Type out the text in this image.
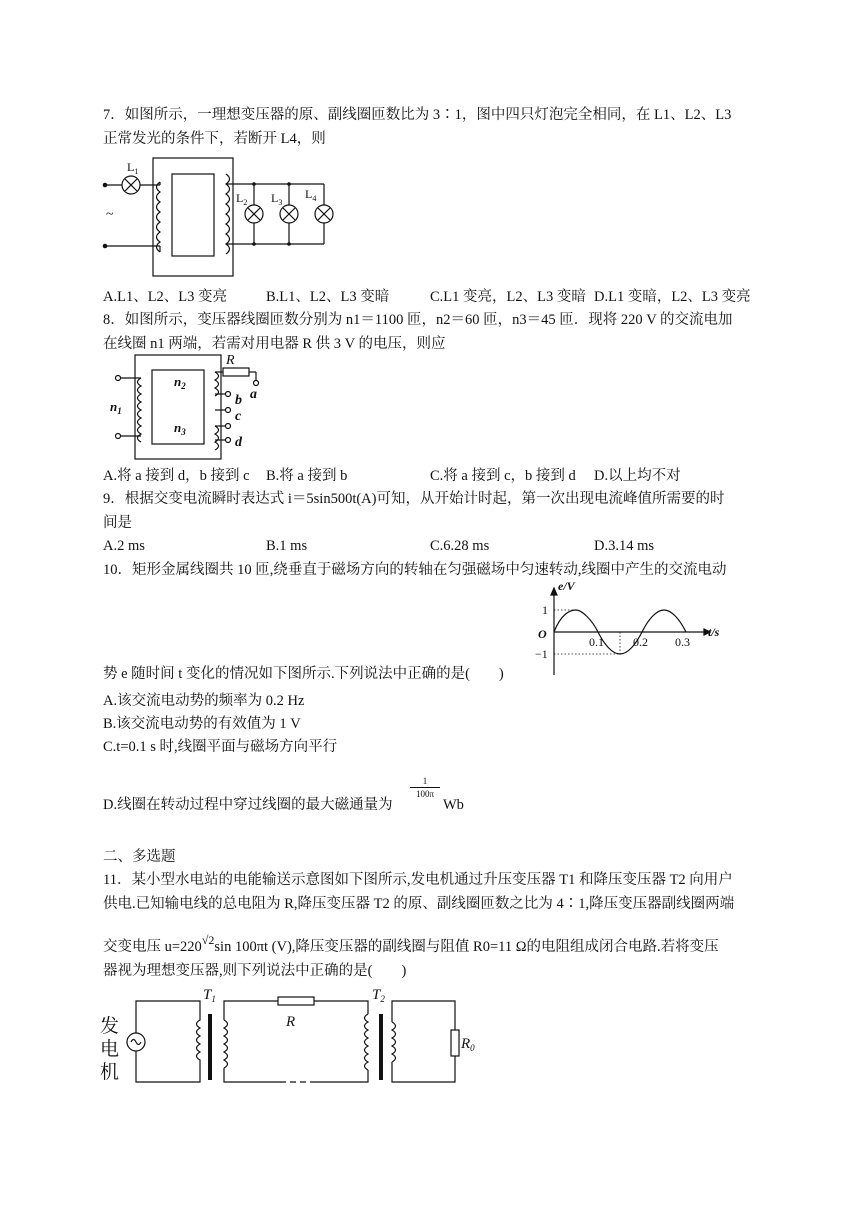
7．如图所示，一理想变压器的原、副线圈匝数比为 3∶1，图中四只灯泡完全相同，在 L1、L2、L3
正常发光的条件下，若断开 L4，则
$L_1$
$L_2$ $L_3$
$L_4$
~
A.L1、L2、L3 变亮	B.L1、L2、L3 变暗	C.L1 变亮，L2、L3 变暗 D.L1 变暗，L2、L3 变亮
8．如图所示，变压器线圈匝数分别为 n1＝1100 匝，n2＝60 匝，n3＝45 匝．现将 220 V 的交流电加
在线圈 n1 两端，若需对用电器 R 供 3 V 的电压，则应
R
a
b
c
d
$n_1$
$n_2$
$n_3$
A.将 a 接到 d，b 接到 c B.将 a 接到 b	C.将 a 接到 c，b 接到 d D.以上均不对
9．根据交变电流瞬时表达式 i＝5sin500t(A)可知，从开始计时起，第一次出现电流峰值所需要的时
间是
A.2 ms	B.1 ms	C.6.28 ms	D.3.14 ms
10．矩形金属线圈共 10 匝,绕垂直于磁场方向的转轴在匀强磁场中匀速转动,线圈中产生的交流电动
e/V
t/s
O
1
−1
0.1 0.2 0.3
势 e 随时间 t 变化的情况如下图所示.下列说法中正确的是(　　)
A.该交流电动势的频率为 0.2 Hz
B.该交流电动势的有效值为 1 V
C.t=0.1 s 时,线圈平面与磁场方向平行
D.线圈在转动过程中穿过线圈的最大磁通量为
1
100π
Wb
二、多选题
11．某小型水电站的电能输送示意图如下图所示,发电机通过升压变压器 T1 和降压变压器 T2 向用户
供电.已知输电线的总电阻为 R,降压变压器 T2 的原、副线圈匝数之比为 4∶1,降压变压器副线圈两端
交变电压 $u=220^{√2}\sin$ 100πt (V),降压变压器的副线圈与阻值 R0=11 Ω的电阻组成闭合电路.若将变压
器视为理想变压器,则下列说法中正确的是(　　)
发
电
机
$T_1$	$T_2$
R
$R_0$
